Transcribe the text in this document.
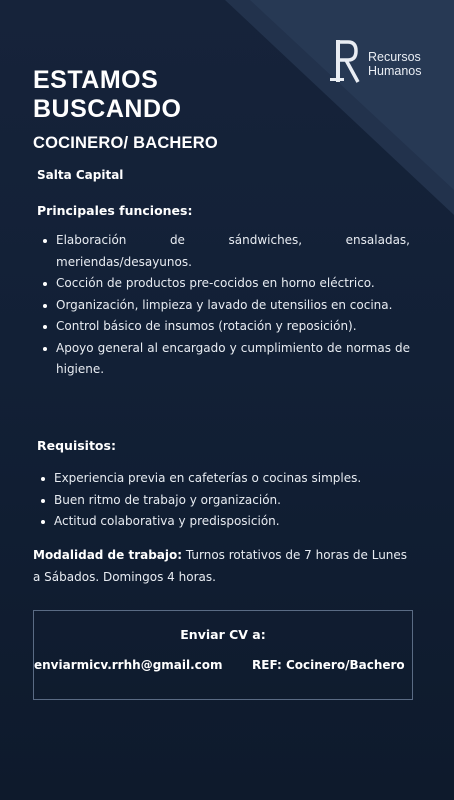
Recursos
Humanos
ESTAMOS
BUSCANDO
COCINERO/ BACHERO
Salta Capital
Principales funciones:
Elaboración de sándwiches, ensaladas, meriendas/desayunos.
Cocción de productos pre-cocidos en horno eléctrico.
Organización, limpieza y lavado de utensilios en cocina.
Control básico de insumos (rotación y reposición).
Apoyo general al encargado y cumplimiento de normas de higiene.
Requisitos:
Experiencia previa en cafeterías o cocinas simples.
Buen ritmo de trabajo y organización.
Actitud colaborativa y predisposición.
Modalidad de trabajo: Turnos rotativos de 7 horas de Lunes a Sábados. Domingos 4 horas.
Enviar CV a:
enviarmicv.rrhh@gmail.com REF: Cocinero/Bachero
